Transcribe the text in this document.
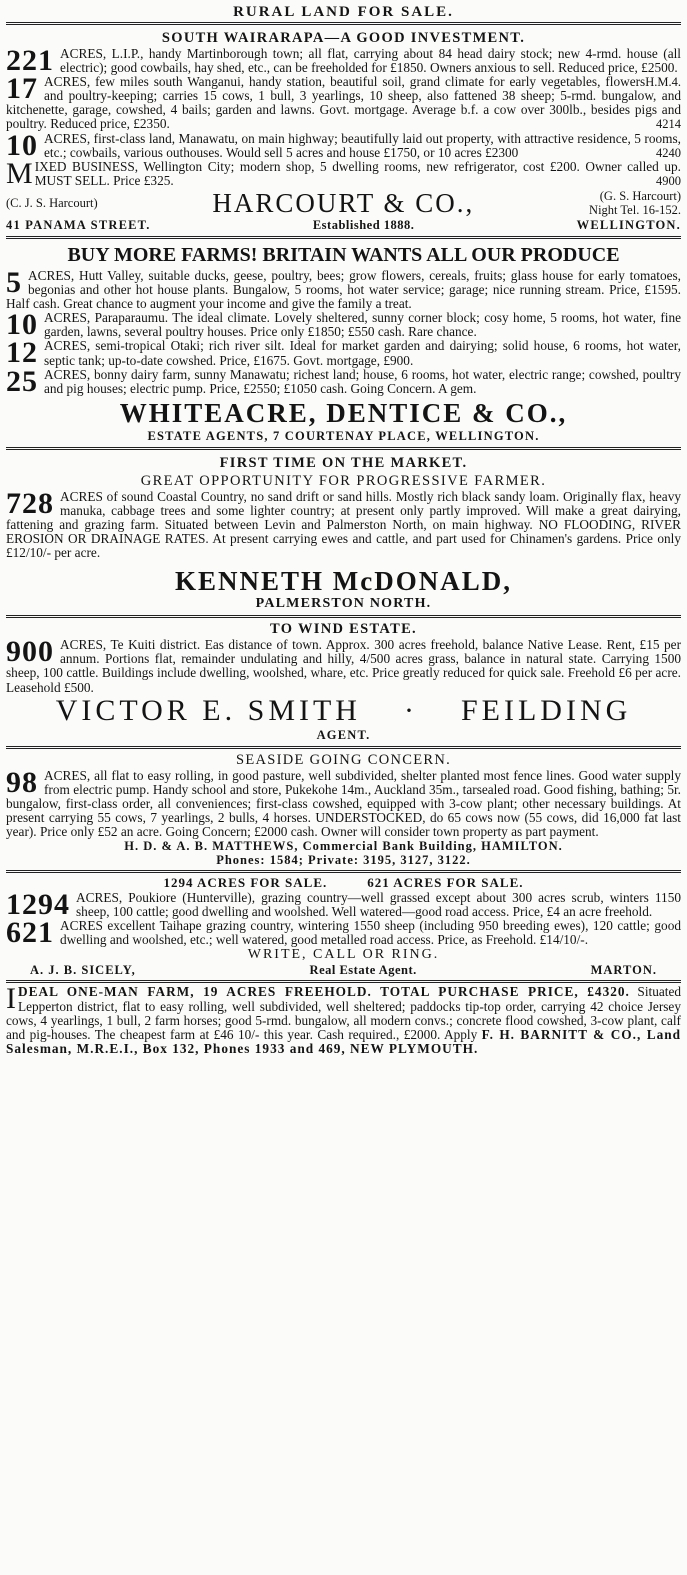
RURAL LAND FOR SALE.
SOUTH WAIRARAPA—A GOOD INVESTMENT.

221 ACRES, L.I.P., handy Martinborough town; all flat, carrying about 84 head dairy stock; new 4-rmd. house (all electric); good cowbails, hay shed, etc., can be freeholded for £1850. Owners anxious to sell. Reduced price, £2500.
H.M.4.

17 ACRES, few miles south Wanganui, handy station, beautiful soil, grand climate for early vegetables, flowers and poultry-keeping; carries 15 cows, 1 bull, 3 yearlings, 10 sheep, also fattened 38 sheep; 5-rmd. bungalow, and kitchenette, garage, cowshed, 4 bails; garden and lawns. Govt. mortgage. Average b.f. a cow over 300lb., besides pigs and poultry. Reduced price, £2350.	4214

10 ACRES, first-class land, Manawatu, on main highway; beautifully laid out property, with attractive residence, 5 rooms, etc.; cowbails, various outhouses. Would sell 5 acres and house £1750, or 10 acres £2300	4240

M IXED BUSINESS, Wellington City; modern shop, 5 dwelling rooms, new refrigerator, cost £200. Owner called up. MUST SELL. Price £325.	4900

(C. J. S. Harcourt)	HARCOURT & CO.,	(G. S. Harcourt)
Night Tel. 16-152.
41 PANAMA STREET.	Established 1888.	WELLINGTON.
BUY MORE FARMS! BRITAIN WANTS ALL OUR PRODUCE

5 ACRES, Hutt Valley, suitable ducks, geese, poultry, bees; grow flowers, cereals, fruits; glass house for early tomatoes, begonias and other hot house plants. Bungalow, 5 rooms, hot water service; garage; nice running stream. Price, £1595. Half cash. Great chance to augment your income and give the family a treat.

10 ACRES, Paraparaumu. The ideal climate. Lovely sheltered, sunny corner block; cosy home, 5 rooms, hot water, fine garden, lawns, several poultry houses. Price only £1850; £550 cash. Rare chance.

12 ACRES, semi-tropical Otaki; rich river silt. Ideal for market garden and dairying; solid house, 6 rooms, hot water, septic tank; up-to-date cowshed. Price, £1675. Govt. mortgage, £900.

25 ACRES, bonny dairy farm, sunny Manawatu; richest land; house, 6 rooms, hot water, electric range; cowshed, poultry and pig houses; electric pump. Price, £2550; £1050 cash. Going Concern. A gem.

WHITEACRE, DENTICE & CO.,
ESTATE AGENTS, 7 COURTENAY PLACE, WELLINGTON.
FIRST TIME ON THE MARKET.
GREAT OPPORTUNITY FOR PROGRESSIVE FARMER.

728 ACRES of sound Coastal Country, no sand drift or sand hills. Mostly rich black sandy loam. Originally flax, heavy manuka, cabbage trees and some lighter country; at present only partly improved. Will make a great dairying, fattening and grazing farm. Situated between Levin and Palmerston North, on main highway. NO FLOODING, RIVER EROSION OR DRAINAGE RATES. At present carrying ewes and cattle, and part used for Chinamen's gardens. Price only £12/10/- per acre.

KENNETH McDONALD,
PALMERSTON NORTH.
TO WIND ESTATE.

900 ACRES, Te Kuiti district. Eas distance of town. Approx. 300 acres freehold, balance Native Lease. Rent, £15 per annum. Portions flat, remainder undulating and hilly, 4/500 acres grass, balance in natural state. Carrying 1500 sheep, 100 cattle. Buildings include dwelling, woolshed, whare, etc. Price greatly reduced for quick sale. Freehold £6 per acre. Leasehold £500.

VICTOR E. SMITH · FEILDING
AGENT.
SEASIDE GOING CONCERN.

98 ACRES, all flat to easy rolling, in good pasture, well subdivided, shelter planted most fence lines. Good water supply from electric pump. Handy school and store, Pukekohe 14m., Auckland 35m., tarsealed road. Good fishing, bathing; 5r. bungalow, first-class order, all conveniences; first-class cowshed, equipped with 3-cow plant; other necessary buildings. At present carrying 55 cows, 7 yearlings, 2 bulls, 4 horses. UNDERSTOCKED, do 65 cows now (55 cows, did 16,000 fat last year). Price only £52 an acre. Going Concern; £2000 cash. Owner will consider town property as part payment.

H. D. & A. B. MATTHEWS, Commercial Bank Building, HAMILTON.
Phones: 1584; Private: 3195, 3127, 3122.
1294 ACRES FOR SALE.	621 ACRES FOR SALE.

1294 ACRES, Poukiore (Hunterville), grazing country—well grassed except about 300 acres scrub, winters 1150 sheep, 100 cattle; good dwelling and woolshed. Well watered—good road access. Price, £4 an acre freehold.

621 ACRES excellent Taihape grazing country, wintering 1550 sheep (including 950 breeding ewes), 120 cattle; good dwelling and woolshed, etc.; well watered, good metalled road access. Price, as Freehold. £14/10/-.

WRITE, CALL OR RING.
A. J. B. SICELY,	Real Estate Agent.	MARTON.

I DEAL ONE-MAN FARM, 19 ACRES FREEHOLD. TOTAL PURCHASE PRICE, £4320. Situated Lepperton district, flat to easy rolling, well subdivided, well sheltered; paddocks tip-top order, carrying 42 choice Jersey cows, 4 yearlings, 1 bull, 2 farm horses; good 5-rmd. bungalow, all modern convs.; concrete flood cowshed, 3-cow plant, calf and pig-houses. The cheapest farm at £46 10/- this year. Cash required., £2000. Apply F. H. BARNITT & CO., Land Salesman, M.R.E.I., Box 132, Phones 1933 and 469, NEW PLYMOUTH.
